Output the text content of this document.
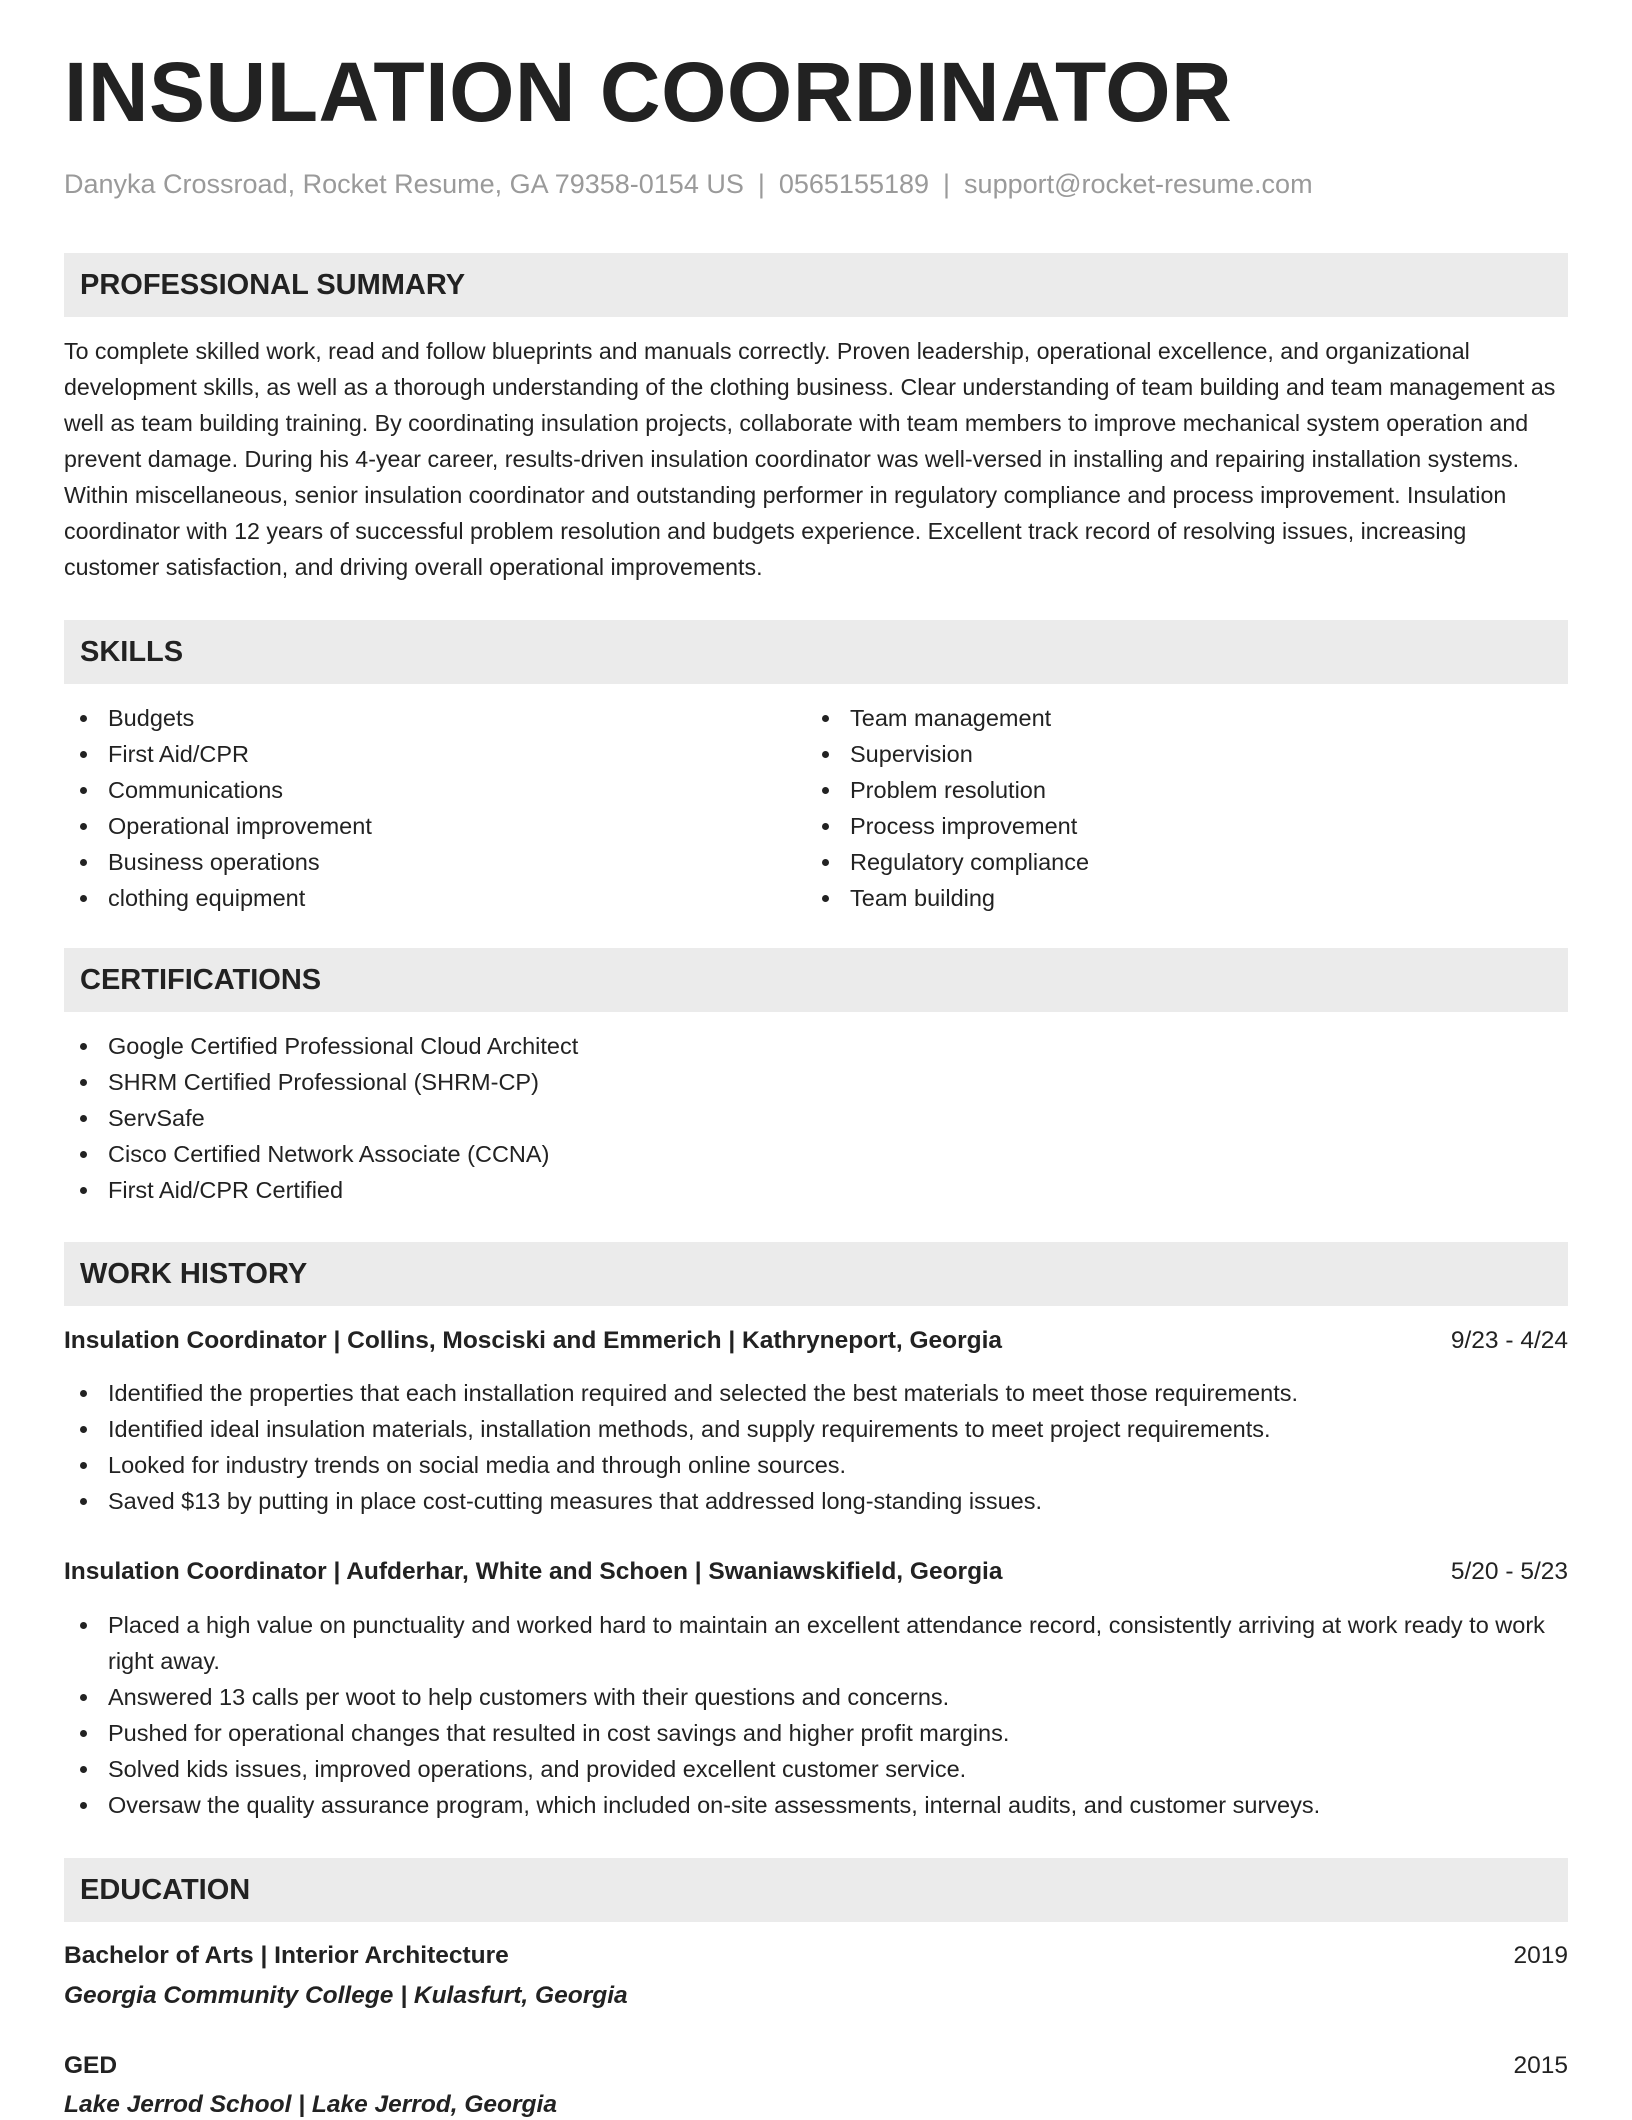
INSULATION COORDINATOR
Danyka Crossroad, Rocket Resume, GA 79358-0154 US | 0565155189 | support@rocket-resume.com
PROFESSIONAL SUMMARY

To complete skilled work, read and follow blueprints and manuals correctly. Proven leadership, operational excellence, and organizational development skills, as well as a thorough understanding of the clothing business. Clear understanding of team building and team management as well as team building training. By coordinating insulation projects, collaborate with team members to improve mechanical system operation and prevent damage. During his 4-year career, results-driven insulation coordinator was well-versed in installing and repairing installation systems. Within miscellaneous, senior insulation coordinator and outstanding performer in regulatory compliance and process improvement. Insulation coordinator with 12 years of successful problem resolution and budgets experience. Excellent track record of resolving issues, increasing customer satisfaction, and driving overall operational improvements.

SKILLS
Budgets
First Aid/CPR
Communications
Operational improvement
Business operations
clothing equipment
Team management
Supervision
Problem resolution
Process improvement
Regulatory compliance
Team building
CERTIFICATIONS
Google Certified Professional Cloud Architect
SHRM Certified Professional (SHRM-CP)
ServSafe
Cisco Certified Network Associate (CCNA)
First Aid/CPR Certified
WORK HISTORY
Insulation Coordinator | Collins, Mosciski and Emmerich | Kathryneport, Georgia	9/23 - 4/24
Identified the properties that each installation required and selected the best materials to meet those requirements.
Identified ideal insulation materials, installation methods, and supply requirements to meet project requirements.
Looked for industry trends on social media and through online sources.
Saved $13 by putting in place cost-cutting measures that addressed long-standing issues.
Insulation Coordinator | Aufderhar, White and Schoen | Swaniawskifield, Georgia	5/20 - 5/23
Placed a high value on punctuality and worked hard to maintain an excellent attendance record, consistently arriving at work ready to work right away.
Answered 13 calls per woot to help customers with their questions and concerns.
Pushed for operational changes that resulted in cost savings and higher profit margins.
Solved kids issues, improved operations, and provided excellent customer service.
Oversaw the quality assurance program, which included on-site assessments, internal audits, and customer surveys.
EDUCATION
Bachelor of Arts | Interior Architecture	2019
Georgia Community College | Kulasfurt, Georgia
GED	2015
Lake Jerrod School | Lake Jerrod, Georgia
